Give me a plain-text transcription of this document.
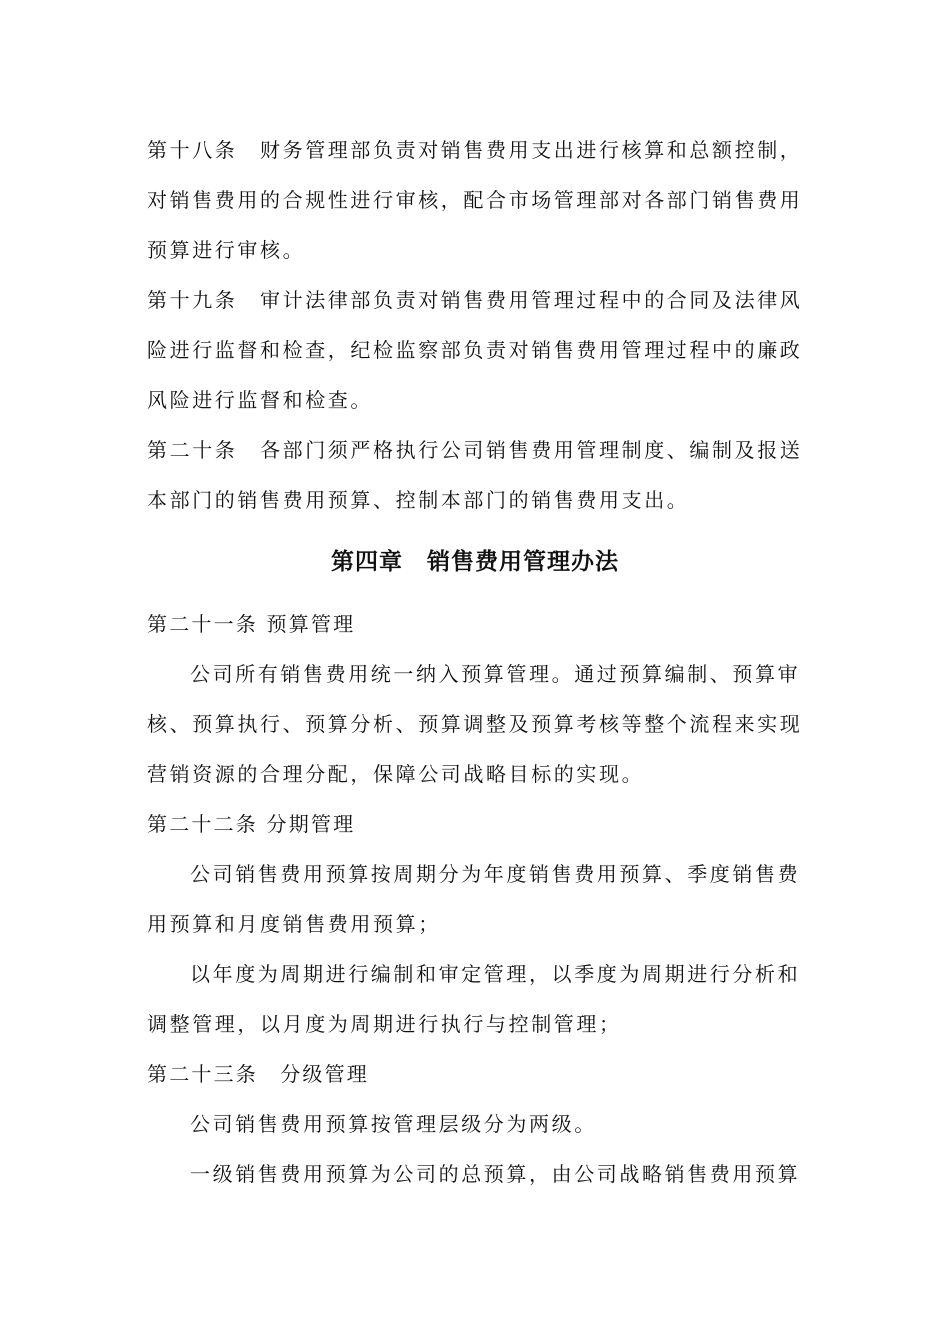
第十八条　财务管理部负责对销售费用支出进行核算和总额控制，
对销售费用的合规性进行审核，配合市场管理部对各部门销售费用
预算进行审核。
第十九条　审计法律部负责对销售费用管理过程中的合同及法律风
险进行监督和检查，纪检监察部负责对销售费用管理过程中的廉政
风险进行监督和检查。
第二十条　各部门须严格执行公司销售费用管理制度、编制及报送
本部门的销售费用预算、控制本部门的销售费用支出。
第四章　销售费用管理办法
第二十一条 预算管理
公司所有销售费用统一纳入预算管理。通过预算编制、预算审
核、预算执行、预算分析、预算调整及预算考核等整个流程来实现
营销资源的合理分配，保障公司战略目标的实现。
第二十二条 分期管理
公司销售费用预算按周期分为年度销售费用预算、季度销售费
用预算和月度销售费用预算；
以年度为周期进行编制和审定管理，以季度为周期进行分析和
调整管理，以月度为周期进行执行与控制管理；
第二十三条　分级管理
公司销售费用预算按管理层级分为两级。
一级销售费用预算为公司的总预算，由公司战略销售费用预算
